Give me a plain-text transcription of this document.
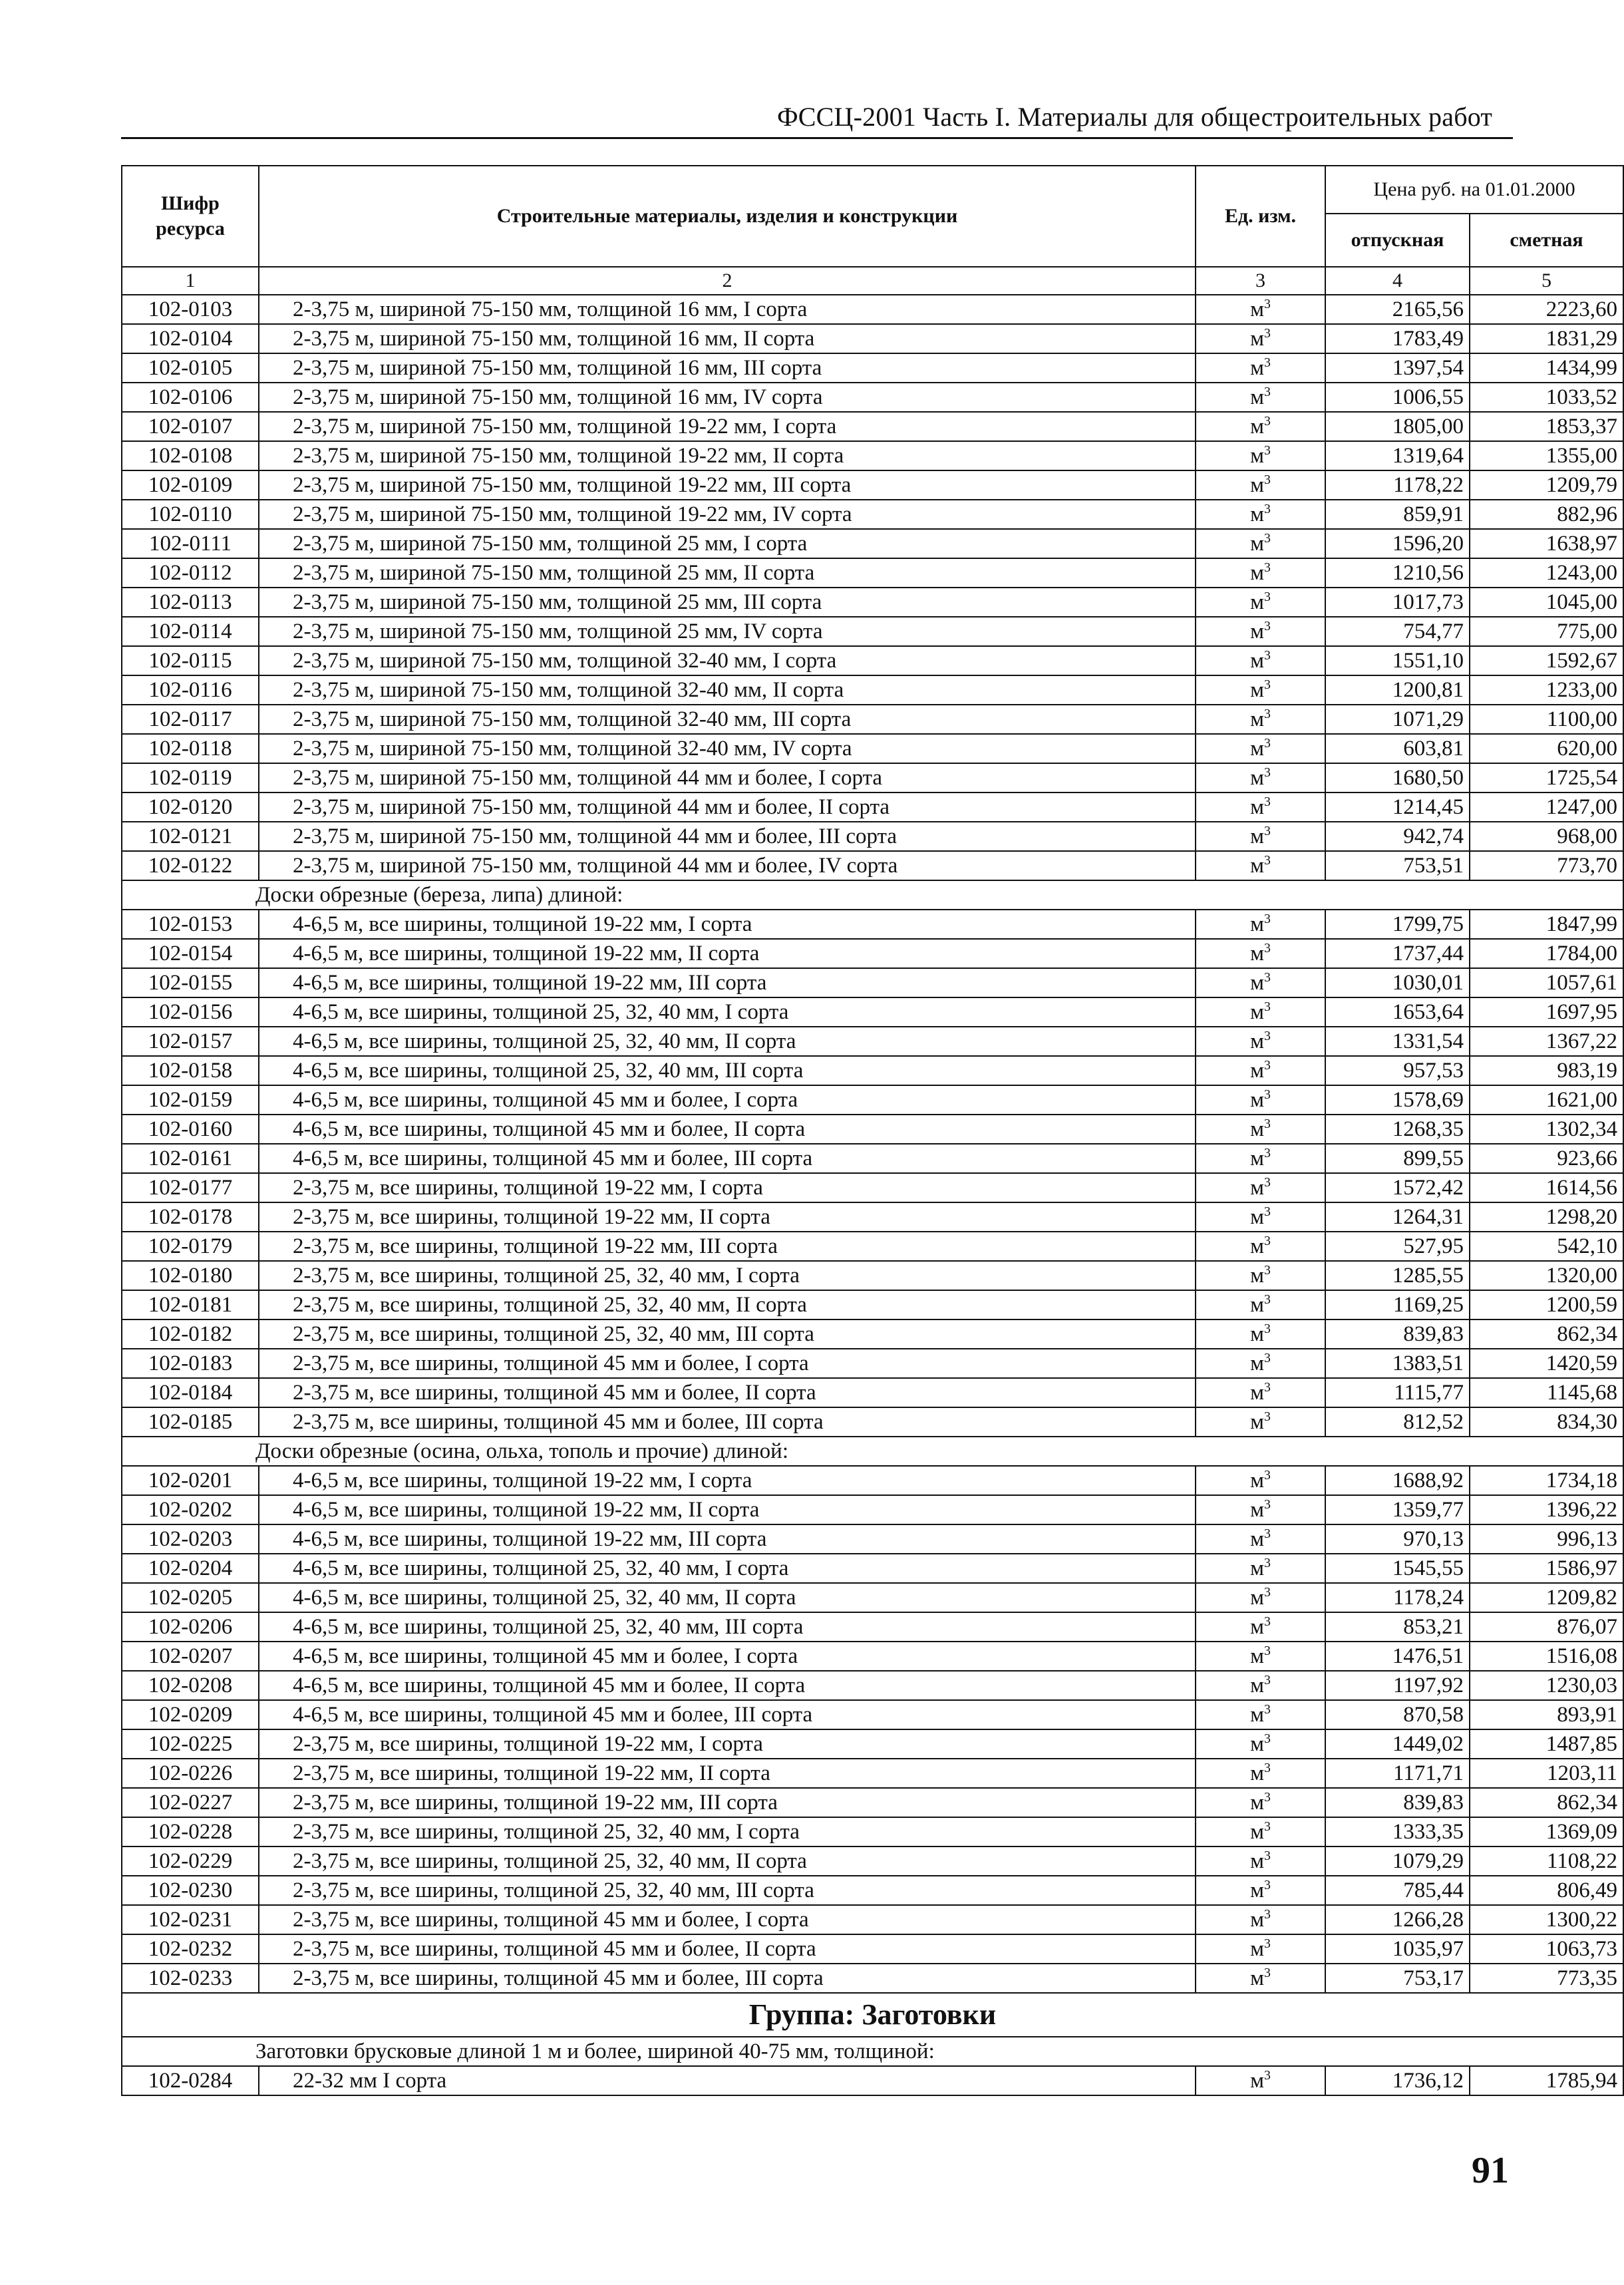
ФССЦ-2001 Часть I. Материалы для общестроительных работ
Шифр ресурса	Строительные материалы, изделия и конструкции	Ед. изм.	Цена руб. на 01.01.2000	
			отпускная	сметная
1	2	3	4	5
102-0103	2-3,75 м, шириной 75-150 мм, толщиной 16 мм, I сорта	$м^3$	2165,56	2223,60
102-0104	2-3,75 м, шириной 75-150 мм, толщиной 16 мм, II сорта	$м^3$	1783,49	1831,29
102-0105	2-3,75 м, шириной 75-150 мм, толщиной 16 мм, III сорта	$м^3$	1397,54	1434,99
102-0106	2-3,75 м, шириной 75-150 мм, толщиной 16 мм, IV сорта	$м^3$	1006,55	1033,52
102-0107	2-3,75 м, шириной 75-150 мм, толщиной 19-22 мм, I сорта	$м^3$	1805,00	1853,37
102-0108	2-3,75 м, шириной 75-150 мм, толщиной 19-22 мм, II сорта	$м^3$	1319,64	1355,00
102-0109	2-3,75 м, шириной 75-150 мм, толщиной 19-22 мм, III сорта	$м^3$	1178,22	1209,79
102-0110	2-3,75 м, шириной 75-150 мм, толщиной 19-22 мм, IV сорта	$м^3$	859,91	882,96
102-0111	2-3,75 м, шириной 75-150 мм, толщиной 25 мм, I сорта	$м^3$	1596,20	1638,97
102-0112	2-3,75 м, шириной 75-150 мм, толщиной 25 мм, II сорта	$м^3$	1210,56	1243,00
102-0113	2-3,75 м, шириной 75-150 мм, толщиной 25 мм, III сорта	$м^3$	1017,73	1045,00
102-0114	2-3,75 м, шириной 75-150 мм, толщиной 25 мм, IV сорта	$м^3$	754,77	775,00
102-0115	2-3,75 м, шириной 75-150 мм, толщиной 32-40 мм, I сорта	$м^3$	1551,10	1592,67
102-0116	2-3,75 м, шириной 75-150 мм, толщиной 32-40 мм, II сорта	$м^3$	1200,81	1233,00
102-0117	2-3,75 м, шириной 75-150 мм, толщиной 32-40 мм, III сорта	$м^3$	1071,29	1100,00
102-0118	2-3,75 м, шириной 75-150 мм, толщиной 32-40 мм, IV сорта	$м^3$	603,81	620,00
102-0119	2-3,75 м, шириной 75-150 мм, толщиной 44 мм и более, I сорта	$м^3$	1680,50	1725,54
102-0120	2-3,75 м, шириной 75-150 мм, толщиной 44 мм и более, II сорта	$м^3$	1214,45	1247,00
102-0121	2-3,75 м, шириной 75-150 мм, толщиной 44 мм и более, III сорта	$м^3$	942,74	968,00
102-0122	2-3,75 м, шириной 75-150 мм, толщиной 44 мм и более, IV сорта	$м^3$	753,51	773,70
Доски обрезные (береза, липа) длиной:				
102-0153	4-6,5 м, все ширины, толщиной 19-22 мм, I сорта	$м^3$	1799,75	1847,99
102-0154	4-6,5 м, все ширины, толщиной 19-22 мм, II сорта	$м^3$	1737,44	1784,00
102-0155	4-6,5 м, все ширины, толщиной 19-22 мм, III сорта	$м^3$	1030,01	1057,61
102-0156	4-6,5 м, все ширины, толщиной 25, 32, 40 мм, I сорта	$м^3$	1653,64	1697,95
102-0157	4-6,5 м, все ширины, толщиной 25, 32, 40 мм, II сорта	$м^3$	1331,54	1367,22
102-0158	4-6,5 м, все ширины, толщиной 25, 32, 40 мм, III сорта	$м^3$	957,53	983,19
102-0159	4-6,5 м, все ширины, толщиной 45 мм и более, I сорта	$м^3$	1578,69	1621,00
102-0160	4-6,5 м, все ширины, толщиной 45 мм и более, II сорта	$м^3$	1268,35	1302,34
102-0161	4-6,5 м, все ширины, толщиной 45 мм и более, III сорта	$м^3$	899,55	923,66
102-0177	2-3,75 м, все ширины, толщиной 19-22 мм, I сорта	$м^3$	1572,42	1614,56
102-0178	2-3,75 м, все ширины, толщиной 19-22 мм, II сорта	$м^3$	1264,31	1298,20
102-0179	2-3,75 м, все ширины, толщиной 19-22 мм, III сорта	$м^3$	527,95	542,10
102-0180	2-3,75 м, все ширины, толщиной 25, 32, 40 мм, I сорта	$м^3$	1285,55	1320,00
102-0181	2-3,75 м, все ширины, толщиной 25, 32, 40 мм, II сорта	$м^3$	1169,25	1200,59
102-0182	2-3,75 м, все ширины, толщиной 25, 32, 40 мм, III сорта	$м^3$	839,83	862,34
102-0183	2-3,75 м, все ширины, толщиной 45 мм и более, I сорта	$м^3$	1383,51	1420,59
102-0184	2-3,75 м, все ширины, толщиной 45 мм и более, II сорта	$м^3$	1115,77	1145,68
102-0185	2-3,75 м, все ширины, толщиной 45 мм и более, III сорта	$м^3$	812,52	834,30
Доски обрезные (осина, ольха, тополь и прочие) длиной:				
102-0201	4-6,5 м, все ширины, толщиной 19-22 мм, I сорта	$м^3$	1688,92	1734,18
102-0202	4-6,5 м, все ширины, толщиной 19-22 мм, II сорта	$м^3$	1359,77	1396,22
102-0203	4-6,5 м, все ширины, толщиной 19-22 мм, III сорта	$м^3$	970,13	996,13
102-0204	4-6,5 м, все ширины, толщиной 25, 32, 40 мм, I сорта	$м^3$	1545,55	1586,97
102-0205	4-6,5 м, все ширины, толщиной 25, 32, 40 мм, II сорта	$м^3$	1178,24	1209,82
102-0206	4-6,5 м, все ширины, толщиной 25, 32, 40 мм, III сорта	$м^3$	853,21	876,07
102-0207	4-6,5 м, все ширины, толщиной 45 мм и более, I сорта	$м^3$	1476,51	1516,08
102-0208	4-6,5 м, все ширины, толщиной 45 мм и более, II сорта	$м^3$	1197,92	1230,03
102-0209	4-6,5 м, все ширины, толщиной 45 мм и более, III сорта	$м^3$	870,58	893,91
102-0225	2-3,75 м, все ширины, толщиной 19-22 мм, I сорта	$м^3$	1449,02	1487,85
102-0226	2-3,75 м, все ширины, толщиной 19-22 мм, II сорта	$м^3$	1171,71	1203,11
102-0227	2-3,75 м, все ширины, толщиной 19-22 мм, III сорта	$м^3$	839,83	862,34
102-0228	2-3,75 м, все ширины, толщиной 25, 32, 40 мм, I сорта	$м^3$	1333,35	1369,09
102-0229	2-3,75 м, все ширины, толщиной 25, 32, 40 мм, II сорта	$м^3$	1079,29	1108,22
102-0230	2-3,75 м, все ширины, толщиной 25, 32, 40 мм, III сорта	$м^3$	785,44	806,49
102-0231	2-3,75 м, все ширины, толщиной 45 мм и более, I сорта	$м^3$	1266,28	1300,22
102-0232	2-3,75 м, все ширины, толщиной 45 мм и более, II сорта	$м^3$	1035,97	1063,73
102-0233	2-3,75 м, все ширины, толщиной 45 мм и более, III сорта	$м^3$	753,17	773,35
Группа: Заготовки				
Заготовки брусковые длиной 1 м и более, шириной 40-75 мм, толщиной:				
102-0284	22-32 мм I сорта	$м^3$	1736,12	1785,94
91
